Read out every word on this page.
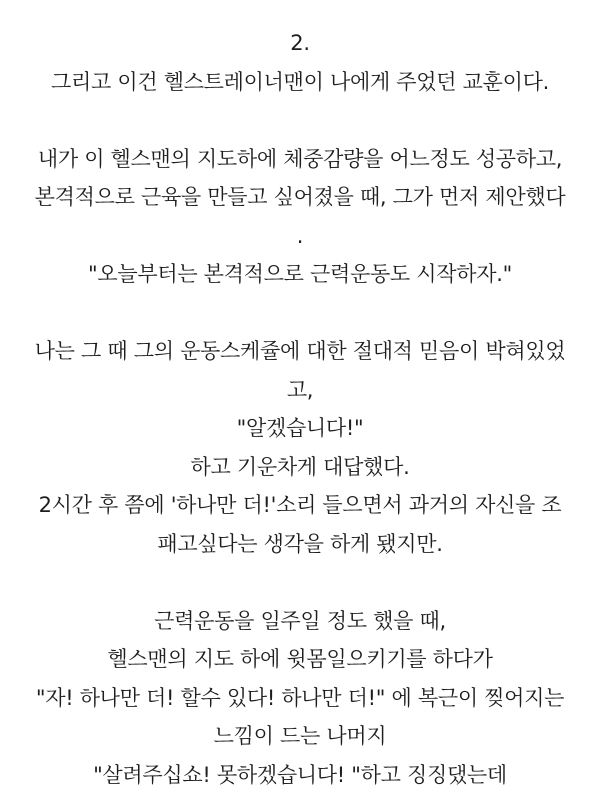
2.
그리고 이건 헬스트레이너맨이 나에게 주었던 교훈이다.
내가 이 헬스맨의 지도하에 체중감량을 어느정도 성공하고,
본격적으로 근육을 만들고 싶어졌을 때, 그가 먼저 제안했다
.
"오늘부터는 본격적으로 근력운동도 시작하자."
나는 그 때 그의 운동스케쥴에 대한 절대적 믿음이 박혀있었
고,
"알겠습니다!"
하고 기운차게 대답했다.
2시간 후 쯤에 '하나만 더!'소리 들으면서 과거의 자신을 조
패고싶다는 생각을 하게 됐지만.
근력운동을 일주일 정도 했을 때,
헬스맨의 지도 하에 윗몸일으키기를 하다가
"자! 하나만 더! 할수 있다! 하나만 더!" 에 복근이 찢어지는
느낌이 드는 나머지
"살려주십쇼! 못하겠습니다! "하고 징징댔는데
